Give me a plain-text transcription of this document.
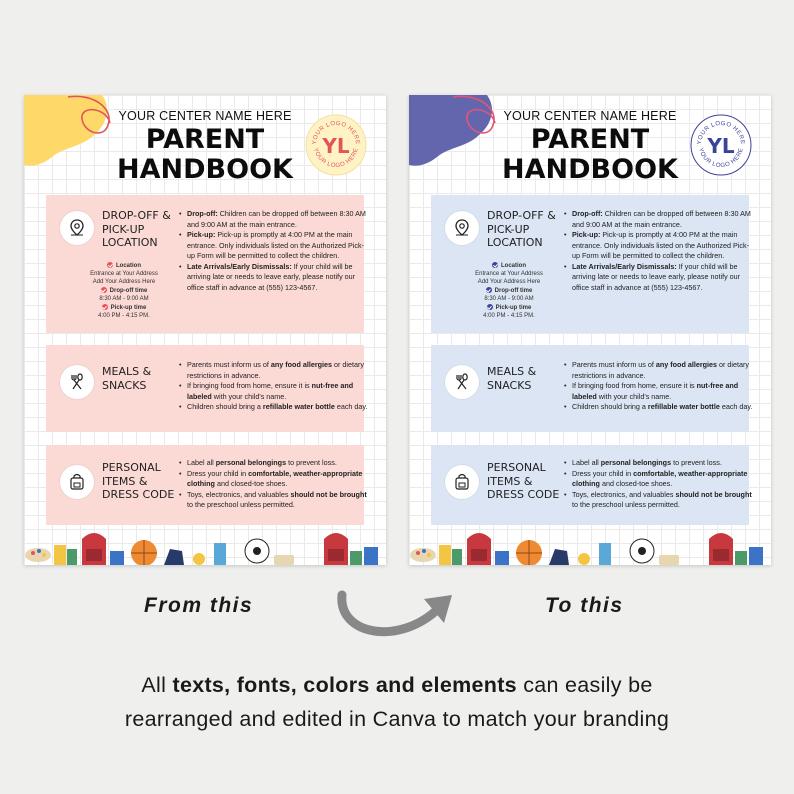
YOUR CENTER NAME HERE

PARENT

HANDBOOK

YOUR LOGO HERE
YOUR LOGO HERE
YL
DROP-OFF & PICK-UP LOCATION
• Drop-off: Children can be dropped off between 8:30 AM and 9:00 AM at the main entrance.
• Pick-up: Pick-up is promptly at 4:00 PM at the main entrance. Only individuals listed on the Authorized Pick-up Form will be permitted to collect the children.
• Late Arrivals/Early Dismissals: If your child will be arriving late or needs to leave early, please notify our office staff in advance at (555) 123-4567.
Location
Entrance at Your Address
Add Your Address Here
Drop-off time
8:30 AM - 9:00 AM
Pick-up time
4:00 PM - 4:15 PM.
MEALS & SNACKS
• Parents must inform us of any food allergies or dietary restrictions in advance.
• If bringing food from home, ensure it is nut-free and labeled with your child's name.
• Children should bring a refillable water bottle each day.
PERSONAL ITEMS & DRESS CODE
• Label all personal belongings to prevent loss.
• Dress your child in comfortable, weather-appropriate clothing and closed-toe shoes.
• Toys, electronics, and valuables should not be brought to the preschool unless permitted.

YOUR CENTER NAME HERE

PARENT

HANDBOOK

YOUR LOGO HERE
YOUR LOGO HERE
YL
DROP-OFF & PICK-UP LOCATION
• Drop-off: Children can be dropped off between 8:30 AM and 9:00 AM at the main entrance.
• Pick-up: Pick-up is promptly at 4:00 PM at the main entrance. Only individuals listed on the Authorized Pick-up Form will be permitted to collect the children.
• Late Arrivals/Early Dismissals: If your child will be arriving late or needs to leave early, please notify our office staff in advance at (555) 123-4567.
Location
Entrance at Your Address
Add Your Address Here
Drop-off time
8:30 AM - 9:00 AM
Pick-up time
4:00 PM - 4:15 PM.
MEALS & SNACKS
• Parents must inform us of any food allergies or dietary restrictions in advance.
• If bringing food from home, ensure it is nut-free and labeled with your child's name.
• Children should bring a refillable water bottle each day.
PERSONAL ITEMS & DRESS CODE
• Label all personal belongings to prevent loss.
• Dress your child in comfortable, weather-appropriate clothing and closed-toe shoes.
• Toys, electronics, and valuables should not be brought to the preschool unless permitted.
From this	To this
All texts, fonts, colors and elements can easily be
rearranged and edited in Canva to match your branding
